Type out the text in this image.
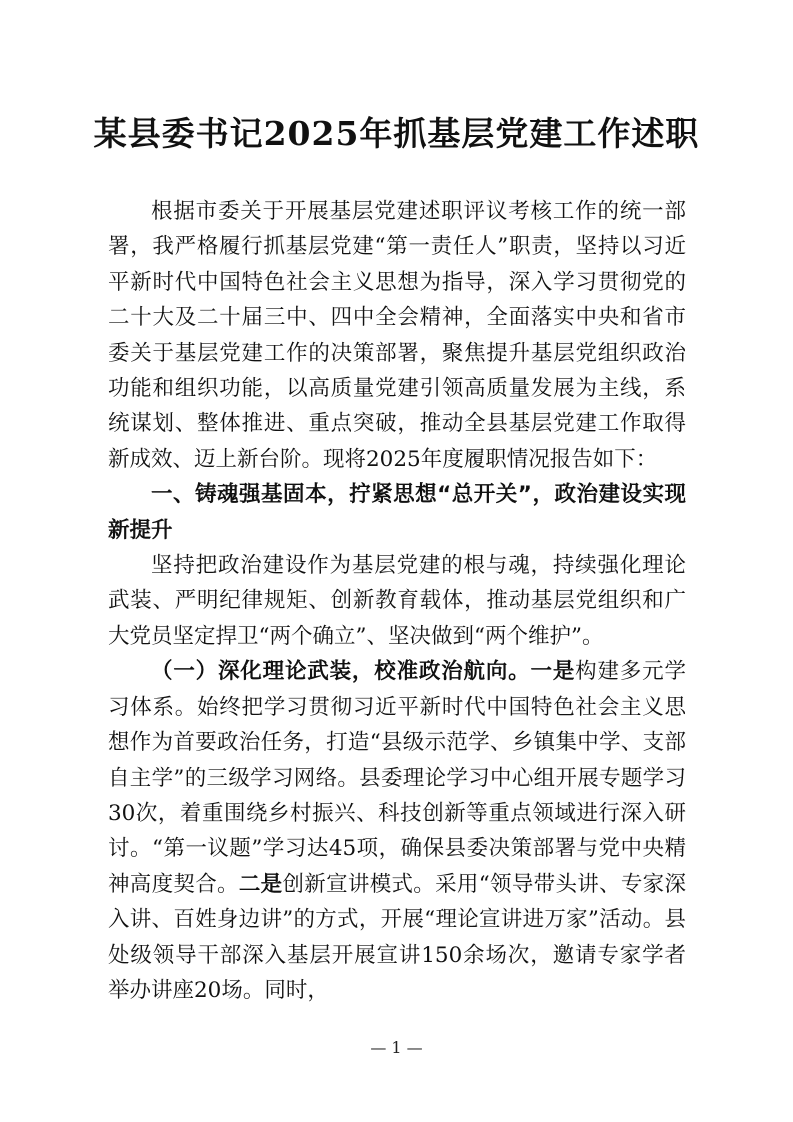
某县委书记2025年抓基层党建工作述职

根据市委关于开展基层党建述职评议考核工作的统一部署，我严格履行抓基层党建“第一责任人”职责，坚持以习近平新时代中国特色社会主义思想为指导，深入学习贯彻党的二十大及二十届三中、四中全会精神，全面落实中央和省市委关于基层党建工作的决策部署，聚焦提升基层党组织政治功能和组织功能，以高质量党建引领高质量发展为主线，系统谋划、整体推进、重点突破，推动全县基层党建工作取得新成效、迈上新台阶。现将2025年度履职情况报告如下：

一、铸魂强基固本，拧紧思想“总开关”，政治建设实现新提升

坚持把政治建设作为基层党建的根与魂，持续强化理论武装、严明纪律规矩、创新教育载体，推动基层党组织和广大党员坚定捍卫“两个确立”、坚决做到“两个维护”。

（一）深化理论武装，校准政治航向。一是构建多元学习体系。始终把学习贯彻习近平新时代中国特色社会主义思想作为首要政治任务，打造“县级示范学、乡镇集中学、支部自主学”的三级学习网络。县委理论学习中心组开展专题学习30次，着重围绕乡村振兴、科技创新等重点领域进行深入研讨。“第一议题”学习达45项，确保县委决策部署与党中央精神高度契合。二是创新宣讲模式。采用“领导带头讲、专家深入讲、百姓身边讲”的方式，开展“理论宣讲进万家”活动。县处级领导干部深入基层开展宣讲150余场次，邀请专家学者举办讲座20场。同时，

— 1 —
